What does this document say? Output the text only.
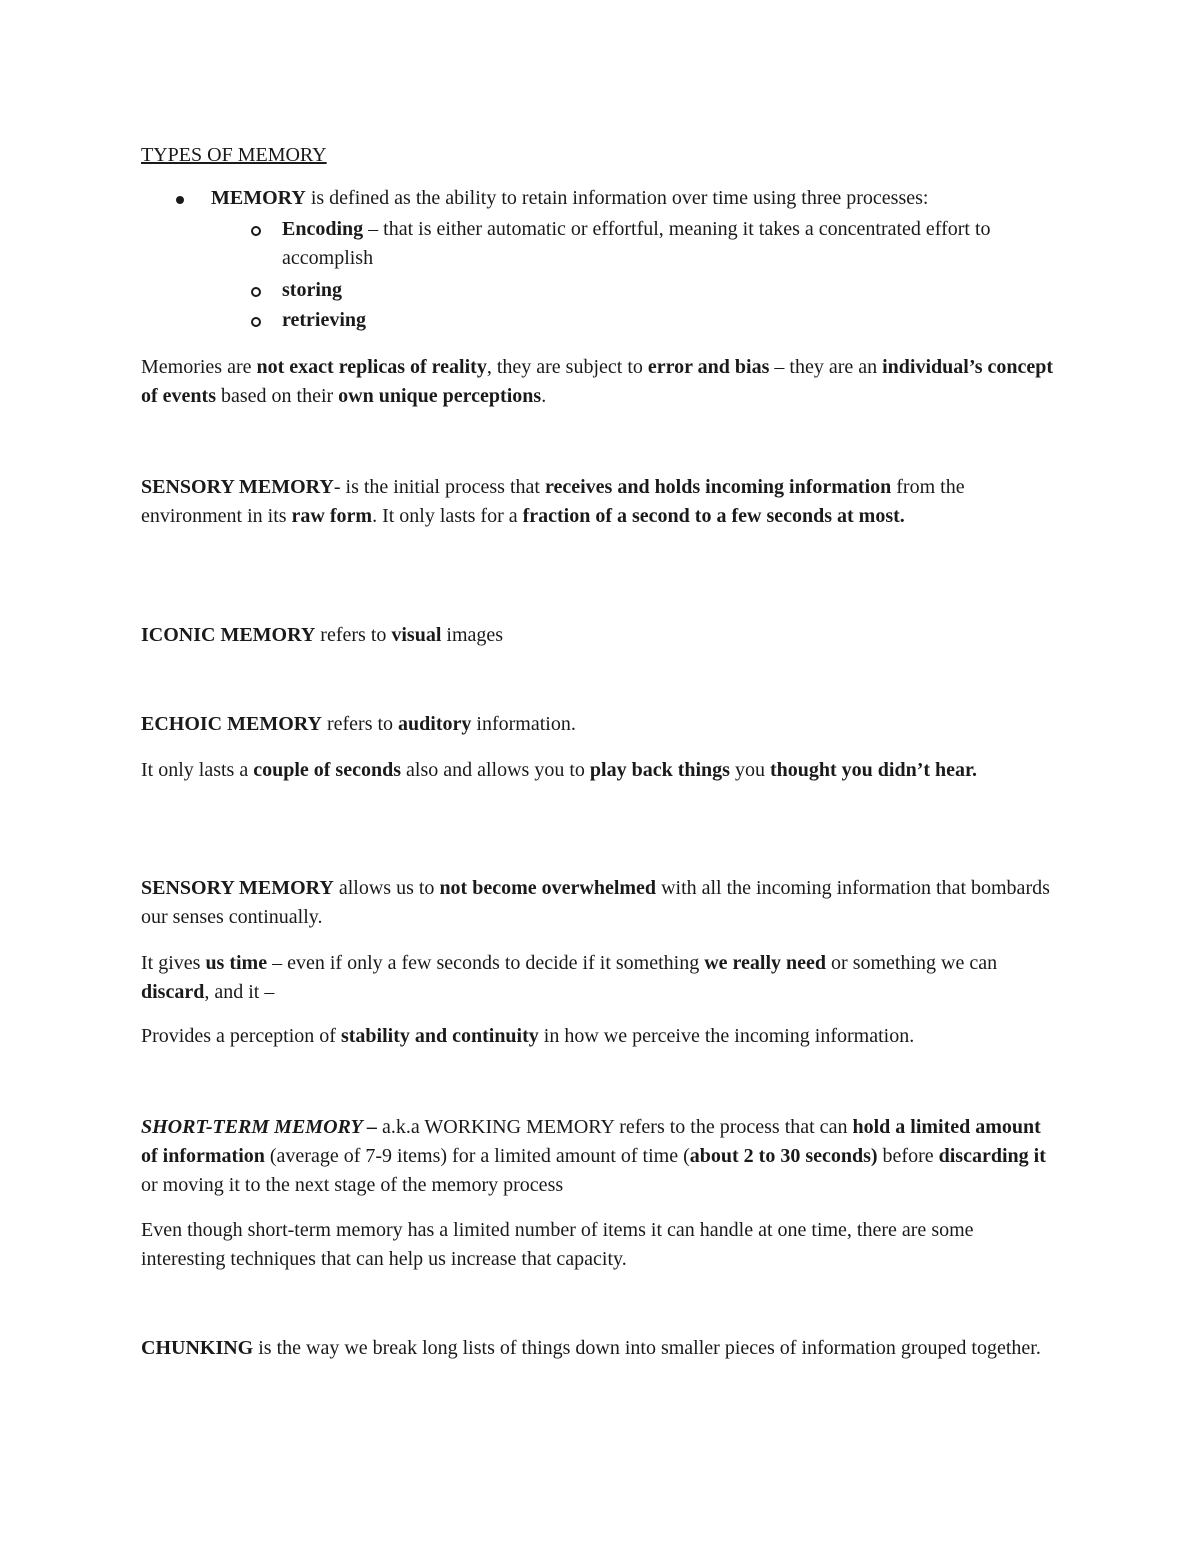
TYPES OF MEMORY

MEMORY is defined as the ability to retain information over time using three processes:

Encoding – that is either automatic or effortful, meaning it takes a concentrated effort to accomplish

storing

retrieving

Memories are not exact replicas of reality, they are subject to error and bias – they are an individual’s concept of events based on their own unique perceptions.

SENSORY MEMORY- is the initial process that receives and holds incoming information from the environment in its raw form. It only lasts for a fraction of a second to a few seconds at most.

ICONIC MEMORY refers to visual images

ECHOIC MEMORY refers to auditory information.

It only lasts a couple of seconds also and allows you to play back things you thought you didn’t hear.

SENSORY MEMORY allows us to not become overwhelmed with all the incoming information that bombards our senses continually.

It gives us time – even if only a few seconds to decide if it something we really need or something we can discard, and it –

Provides a perception of stability and continuity in how we perceive the incoming information.

SHORT-TERM MEMORY – a.k.a WORKING MEMORY refers to the process that can hold a limited amount of information (average of 7-9 items) for a limited amount of time (about 2 to 30 seconds) before discarding it or moving it to the next stage of the memory process

Even though short-term memory has a limited number of items it can handle at one time, there are some interesting techniques that can help us increase that capacity.

CHUNKING is the way we break long lists of things down into smaller pieces of information grouped together.
